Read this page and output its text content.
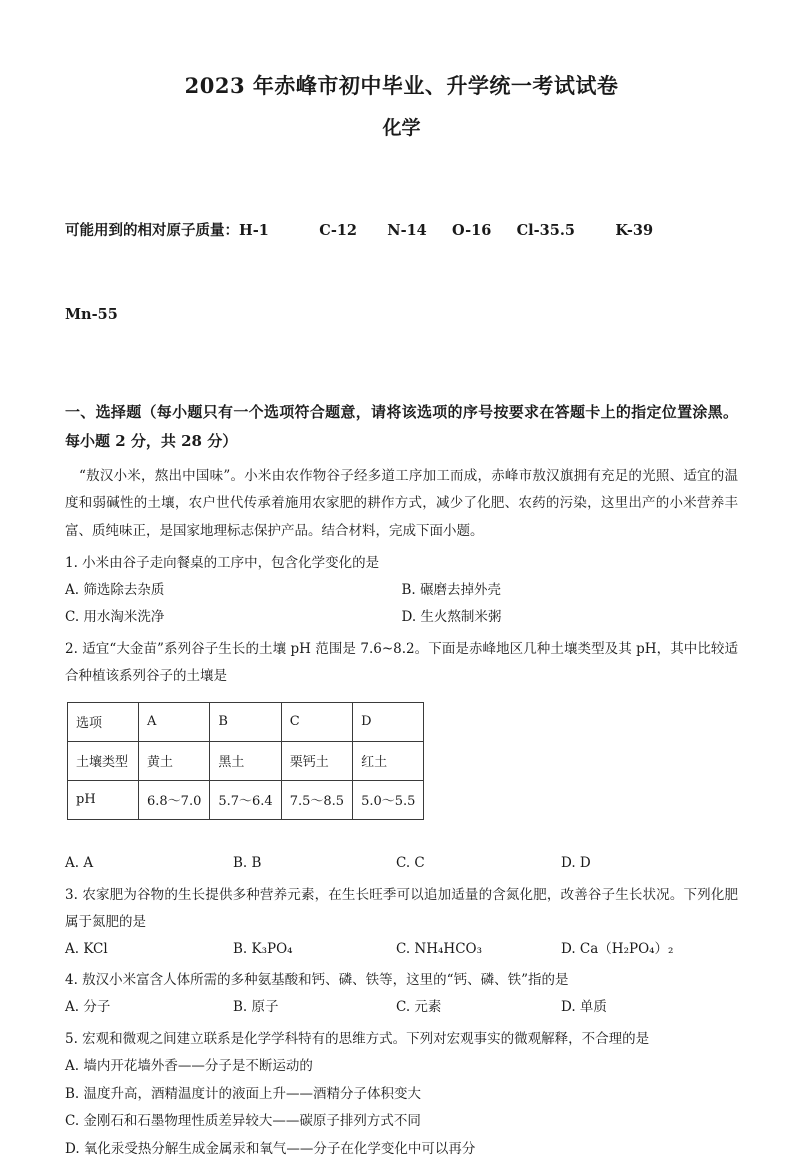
2023 年赤峰市初中毕业、升学统一考试试卷
化学

可能用到的相对原子质量：H-1          C-12      N-14     O-16     Cl-35.5        K-39

Mn-55

一、选择题（每小题只有一个选项符合题意，请将该选项的序号按要求在答题卡上的指定位置涂黑。每小题 2 分，共 28 分）
“敖汉小米，熬出中国味”。小米由农作物谷子经多道工序加工而成，赤峰市敖汉旗拥有充足的光照、适宜的温度和弱碱性的土壤，农户世代传承着施用农家肥的耕作方式，减少了化肥、农药的污染，这里出产的小米营养丰富、质纯味正，是国家地理标志保护产品。结合材料，完成下面小题。
1. 小米由谷子走向餐桌的工序中，包含化学变化的是
A. 筛选除去杂质	B. 碾磨去掉外壳
C. 用水淘米洗净	D. 生火熬制米粥
2. 适宜“大金苗”系列谷子生长的土壤 pH 范围是 7.6~8.2。下面是赤峰地区几种土壤类型及其 pH，其中比较适合种植该系列谷子的土壤是
选项	A	B	C	D
土壤类型	黄土	黑土	栗钙土	红土
pH	6.8～7.0	5.7～6.4	7.5～8.5	5.0～5.5
A. A	B. B	C. C	D. D
3. 农家肥为谷物的生长提供多种营养元素，在生长旺季可以追加适量的含氮化肥，改善谷子生长状况。下列化肥属于氮肥的是
A. KCl	B. K₃PO₄	C. NH₄HCO₃	D. Ca（H₂PO₄）₂
4. 敖汉小米富含人体所需的多种氨基酸和钙、磷、铁等，这里的“钙、磷、铁”指的是
A. 分子	B. 原子	C. 元素	D. 单质
5. 宏观和微观之间建立联系是化学学科特有的思维方式。下列对宏观事实的微观解释，不合理的是
A. 墙内开花墙外香——分子是不断运动的
B. 温度升高，酒精温度计的液面上升——酒精分子体积变大
C. 金刚石和石墨物理性质差异较大——碳原子排列方式不同
D. 氧化汞受热分解生成金属汞和氧气——分子在化学变化中可以再分
